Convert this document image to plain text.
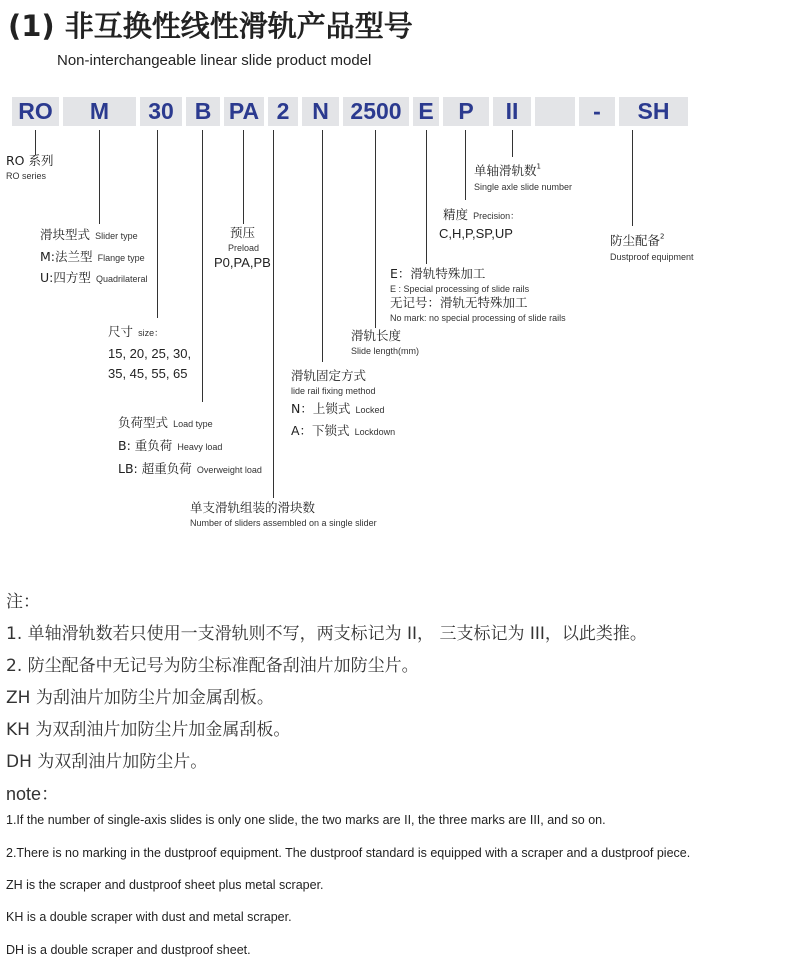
(1) 非互换性线性滑轨产品型号
Non-interchangeable linear slide product model
RO	M	30 B PA 2 N 2500 E	P	II	-	SH
RO 系列
RO series
滑块型式 Slider type
M:法兰型 Flange type
U:四方型 Quadrilateral
尺寸 size：
15, 20, 25, 30,
35, 45, 55, 65
负荷型式 Load type
B: 重负荷 Heavy load
LB: 超重负荷 Overweight load
预压
Preload
P0,PA,PB
单支滑轨组装的滑块数
Number of sliders assembled on a single slider
滑轨固定方式
lide rail fixing method
N：上锁式 Locked
A：下锁式 Lockdown
滑轨长度
Slide length(mm)
E：滑轨特殊加工
E : Special processing of slide rails
无记号：滑轨无特殊加工
No mark: no special processing of slide rails
精度 Precision：
C,H,P,SP,UP
单轴滑轨数$^1$
Single axle slide number
防尘配备$^2$
Dustproof equipment
注：
1. 单轴滑轨数若只使用一支滑轨则不写，两支标记为 II， 三支标记为 III，以此类推。
2. 防尘配备中无记号为防尘标准配备刮油片加防尘片。
ZH 为刮油片加防尘片加金属刮板。
KH 为双刮油片加防尘片加金属刮板。
DH 为双刮油片加防尘片。
note：
1.If the number of single-axis slides is only one slide, the two marks are II, the three marks are III, and so on.
2.There is no marking in the dustproof equipment. The dustproof standard is equipped with a scraper and a dustproof piece.
ZH is the scraper and dustproof sheet plus metal scraper.
KH is a double scraper with dust and metal scraper.
DH is a double scraper and dustproof sheet.
